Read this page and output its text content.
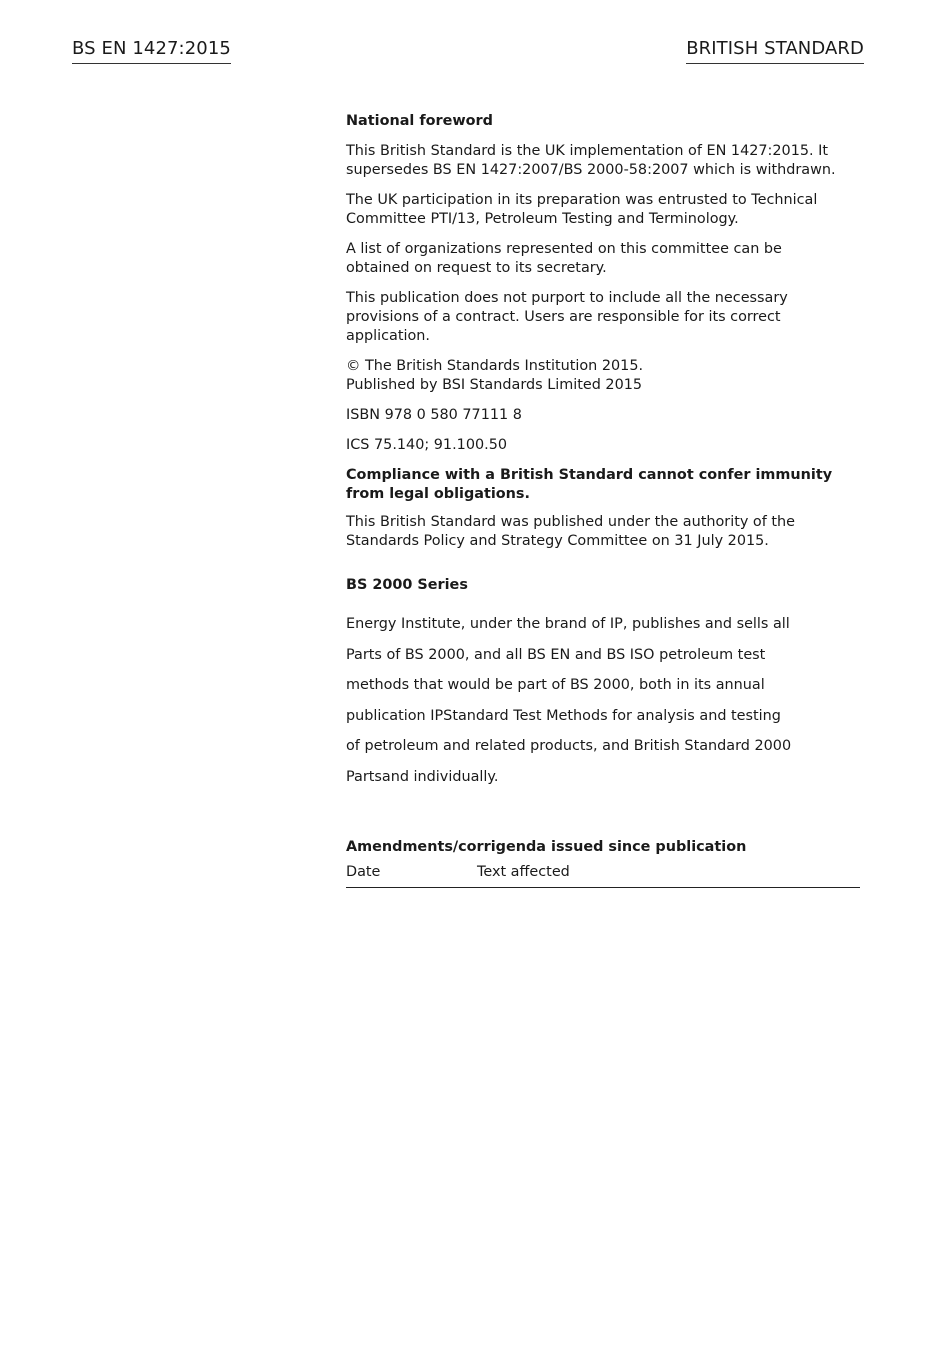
BS EN 1427:2015	BRITISH STANDARD

National foreword

This British Standard is the UK implementation of EN 1427:2015. It supersedes BS EN 1427:2007/BS 2000-58:2007 which is withdrawn.

The UK participation in its preparation was entrusted to Technical Committee PTI/13, Petroleum Testing and Terminology.

A list of organizations represented on this committee can be obtained on request to its secretary.

This publication does not purport to include all the necessary provisions of a contract. Users are responsible for its correct application.

© The British Standards Institution 2015.
Published by BSI Standards Limited 2015

ISBN 978 0 580 77111 8

ICS 75.140; 91.100.50

Compliance with a British Standard cannot confer immunity from legal obligations.

This British Standard was published under the authority of the Standards Policy and Strategy Committee on 31 July 2015.

BS 2000 Series

Energy Institute, under the brand of IP, publishes and sells all
Parts of BS 2000, and all BS EN and BS ISO petroleum test
methods that would be part of BS 2000, both in its annual
publication IPStandard Test Methods for analysis and testing
of petroleum and related products, and British Standard 2000
Partsand individually.

Amendments/corrigenda issued since publication

Date	Text affected
